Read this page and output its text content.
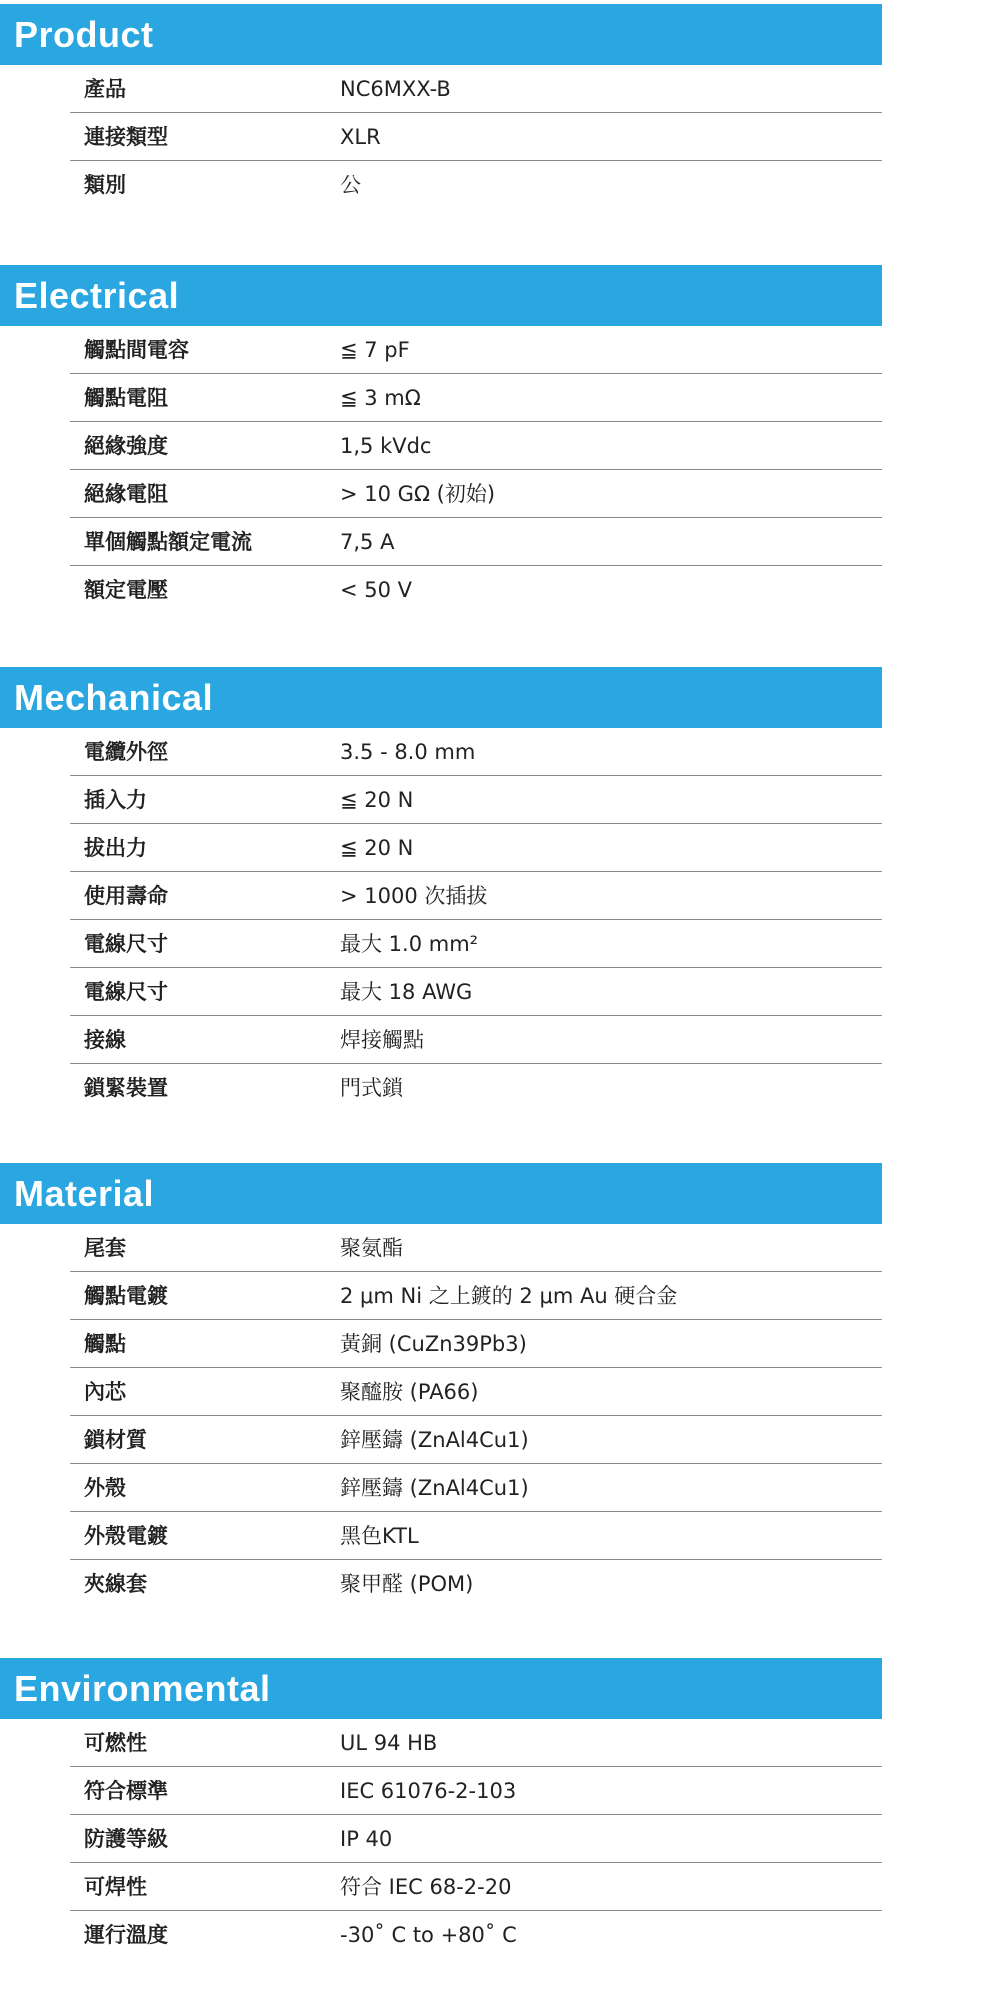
Product
產品	NC6MXX-B
連接類型	XLR
類別	公
Electrical
觸點間電容	≦ 7 pF
觸點電阻	≦ 3 mΩ
絕緣強度	1,5 kVdc
絕緣電阻	> 10 GΩ (初始)
單個觸點額定電流	7,5 A
額定電壓	< 50 V
Mechanical
電纜外徑	3.5 - 8.0 mm
插入力	≦ 20 N
拔出力	≦ 20 N
使用壽命	> 1000 次插拔
電線尺寸	最大 1.0 mm²
電線尺寸	最大 18 AWG
接線	焊接觸點
鎖緊裝置	門式鎖
Material
尾套	聚氨酯
觸點電鍍	2 μm Ni 之上鍍的 2 μm Au 硬合金
觸點	黃銅 (CuZn39Pb3)
內芯	聚醯胺 (PA66)
鎖材質	鋅壓鑄 (ZnAl4Cu1)
外殼	鋅壓鑄 (ZnAl4Cu1)
外殼電鍍	黑色KTL
夾線套	聚甲醛 (POM)
Environmental
可燃性	UL 94 HB
符合標準	IEC 61076-2-103
防護等級	IP 40
可焊性	符合 IEC 68-2-20
運行溫度	-30˚ C to +80˚ C
